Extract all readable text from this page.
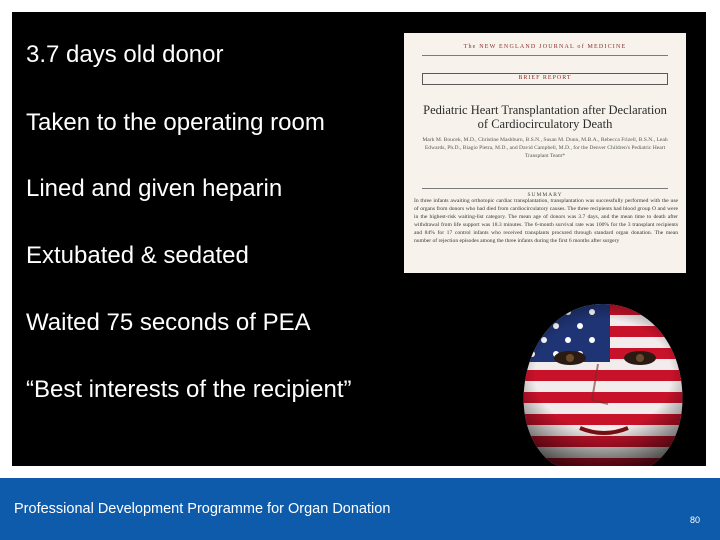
3.7 days old donor
Taken to the operating room
Lined and given heparin
Extubated & sedated
Waited 75 seconds of PEA
“Best interests of the recipient”
The NEW ENGLAND JOURNAL of MEDICINE
BRIEF REPORT
Pediatric Heart Transplantation after Declaration of Cardiocirculatory Death
Mark M. Boucek, M.D., Christine Mashburn, B.S.N., Susan M. Dunn, M.B.A., Rebecca Frizell, B.S.N., Leah Edwards, Ph.D., Biagio Pietra, M.D., and David Campbell, M.D., for the Denver Children's Pediatric Heart Transplant Team*
SUMMARY
In three infants awaiting orthotopic cardiac transplantation, transplantation was successfully performed with the use of organs from donors who had died from cardiocirculatory causes. The three recipients had blood group O and were in the highest-risk waiting-list category. The mean age of donors was 3.7 days, and the mean time to death after withdrawal from life support was 18.3 minutes. The 6-month survival rate was 100% for the 3 transplant recipients and 84% for 17 control infants who received transplants procured through standard organ donation. The mean number of rejection episodes among the three infants during the first 6 months after surgery
Professional Development Programme for Organ Donation
80
